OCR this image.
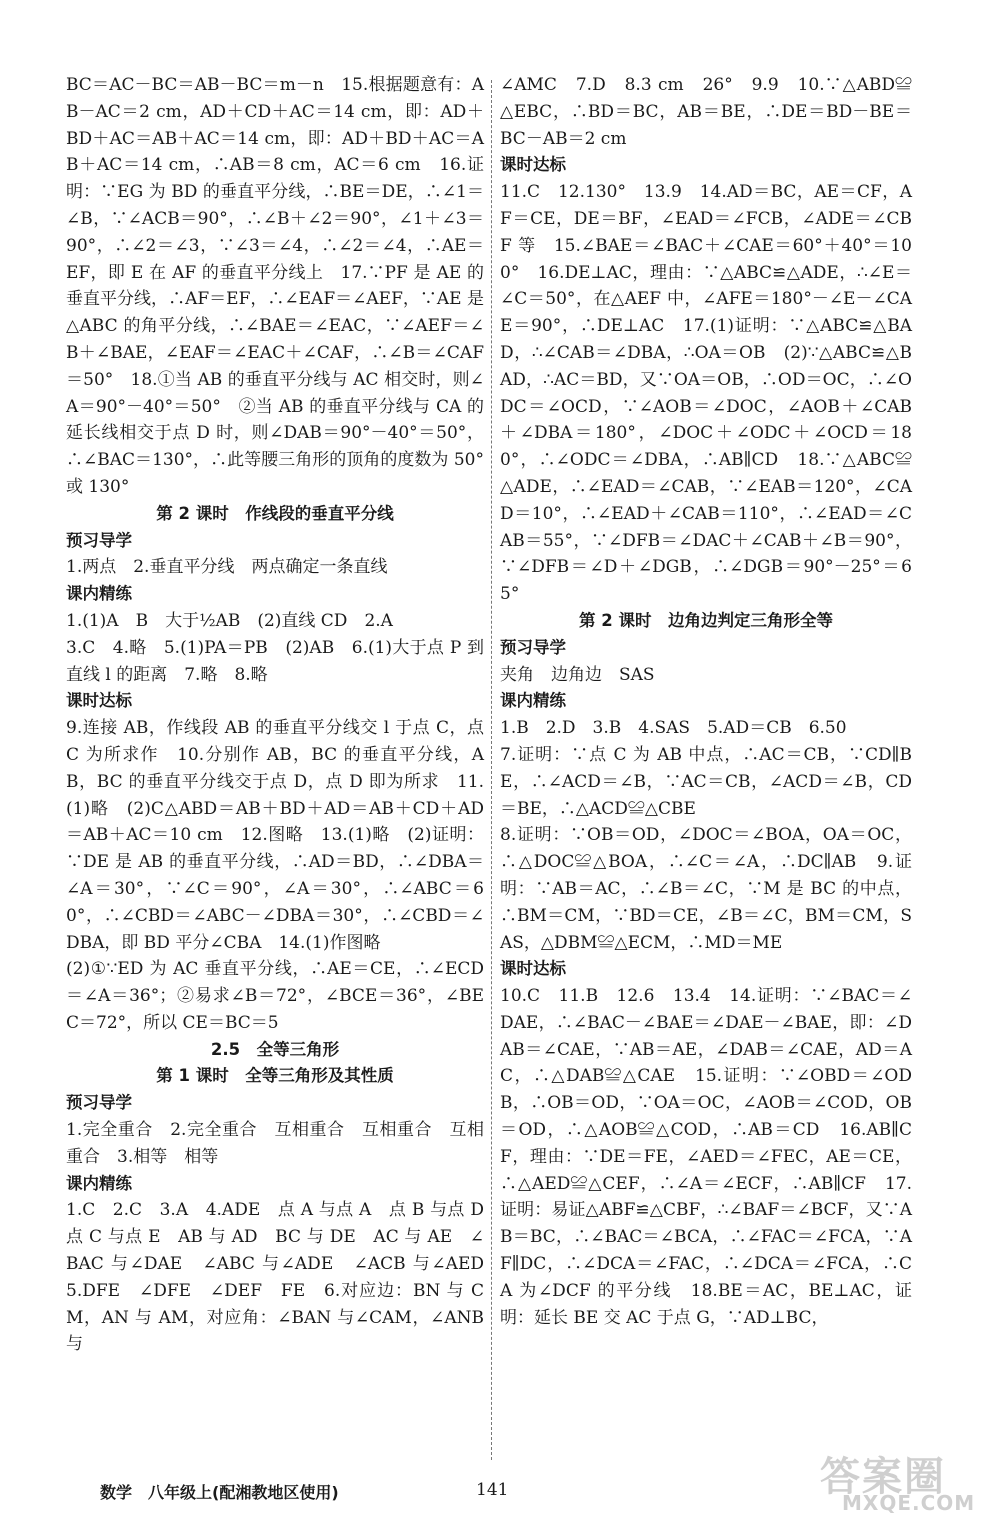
BC＝AC－BC＝AB－BC＝m－n　15.根据题意有：AB－AC＝2 cm，AD＋CD＋AC＝14 cm，即：AD＋BD＋AC＝AB＋AC＝14 cm，即：AD＋BD＋AC＝AB＋AC＝14 cm，∴AB＝8 cm，AC＝6 cm　16.证明：∵EG 为 BD 的垂直平分线，∴BE＝DE，∴∠1＝∠B，∵∠ACB＝90°，∴∠B＋∠2＝90°，∠1＋∠3＝90°，∴∠2＝∠3，∵∠3＝∠4，∴∠2＝∠4，∴AE＝EF，即 E 在 AF 的垂直平分线上　17.∵PF 是 AE 的垂直平分线，∴AF＝EF，∴∠EAF＝∠AEF，∵AE 是△ABC 的角平分线，∴∠BAE＝∠EAC，∵∠AEF＝∠B＋∠BAE，∠EAF＝∠EAC＋∠CAF，∴∠B＝∠CAF＝50°　18.①当 AB 的垂直平分线与 AC 相交时，则∠A＝90°－40°＝50°　②当 AB 的垂直平分线与 CA 的延长线相交于点 D 时，则∠DAB＝90°－40°＝50°，∴∠BAC＝130°，∴此等腰三角形的顶角的度数为 50°或 130°

第 2 课时　作线段的垂直平分线

预习导学

1.两点　2.垂直平分线　两点确定一条直线

课内精练

1.(1)A　B　大于½AB　(2)直线 CD　2.A

3.C　4.略　5.(1)PA＝PB　(2)AB　6.(1)大于点 P 到直线 l 的距离　7.略　8.略

课时达标

9.连接 AB，作线段 AB 的垂直平分线交 l 于点 C，点 C 为所求作　10.分别作 AB，BC 的垂直平分线，AB，BC 的垂直平分线交于点 D，点 D 即为所求　11.(1)略　(2)C△ABD＝AB＋BD＋AD＝AB＋CD＋AD＝AB＋AC＝10 cm　12.图略　13.(1)略　(2)证明：∵DE 是 AB 的垂直平分线，∴AD＝BD，∴∠DBA＝∠A＝30°，∵∠C＝90°，∠A＝30°，∴∠ABC＝60°，∴∠CBD＝∠ABC－∠DBA＝30°，∴∠CBD＝∠DBA，即 BD 平分∠CBA　14.(1)作图略

(2)①∵ED 为 AC 垂直平分线，∴AE＝CE，∴∠ECD＝∠A＝36°；②易求∠B＝72°，∠BCE＝36°，∠BEC＝72°，所以 CE＝BC＝5

2.5　全等三角形

第 1 课时　全等三角形及其性质

预习导学

1.完全重合　2.完全重合　互相重合　互相重合　互相重合　3.相等　相等

课内精练

1.C　2.C　3.A　4.ADE　点 A 与点 A　点 B 与点 D　点 C 与点 E　AB 与 AD　BC 与 DE　AC 与 AE　∠BAC 与∠DAE　∠ABC 与∠ADE　∠ACB 与∠AED　5.DFE　∠DFE　∠DEF　FE　6.对应边：BN 与 CM，AN 与 AM，对应角：∠BAN 与∠CAM，∠ANB 与

∠AMC　7.D　8.3 cm　26°　9.9　10.∵△ABD≌△EBC，∴BD＝BC，AB＝BE，∴DE＝BD－BE＝BC－AB＝2 cm

课时达标

11.C　12.130°　13.9　14.AD＝BC，AE＝CF，AF＝CE，DE＝BF，∠EAD＝∠FCB，∠ADE＝∠CBF 等　15.∠BAE＝∠BAC＋∠CAE＝60°＋40°＝100°　16.DE⊥AC，理由：∵△ABC≌△ADE，∴∠E＝∠C＝50°，在△AEF 中，∠AFE＝180°－∠E－∠CAE＝90°，∴DE⊥AC　17.(1)证明：∵△ABC≌△BAD，∴∠CAB＝∠DBA，∴OA＝OB　(2)∵△ABC≌△BAD，∴AC＝BD，又∵OA＝OB，∴OD＝OC，∴∠ODC＝∠OCD，∵∠AOB＝∠DOC，∠AOB＋∠CAB＋∠DBA＝180°，∠DOC＋∠ODC＋∠OCD＝180°，∴∠ODC＝∠DBA，∴AB∥CD　18.∵△ABC≌△ADE，∴∠EAD＝∠CAB，∵∠EAB＝120°，∠CAD＝10°，∴∠EAD＋∠CAB＝110°，∴∠EAD＝∠CAB＝55°，∵∠DFB＝∠DAC＋∠CAB＋∠B＝90°，∵∠DFB＝∠D＋∠DGB，∴∠DGB＝90°－25°＝65°

第 2 课时　边角边判定三角形全等

预习导学

夹角　边角边　SAS

课内精练

1.B　2.D　3.B　4.SAS　5.AD＝CB　6.50

7.证明：∵点 C 为 AB 中点，∴AC＝CB，∵CD∥BE，∴∠ACD＝∠B，∵AC＝CB，∠ACD＝∠B，CD＝BE，∴△ACD≌△CBE

8.证明：∵OB＝OD，∠DOC＝∠BOA，OA＝OC，∴△DOC≌△BOA，∴∠C＝∠A，∴DC∥AB　9.证明：∵AB＝AC，∴∠B＝∠C，∵M 是 BC 的中点，∴BM＝CM，∵BD＝CE，∠B＝∠C，BM＝CM，SAS，△DBM≌△ECM，∴MD＝ME

课时达标

10.C　11.B　12.6　13.4　14.证明：∵∠BAC＝∠DAE，∴∠BAC－∠BAE＝∠DAE－∠BAE，即：∠DAB＝∠CAE，∵AB＝AE，∠DAB＝∠CAE，AD＝AC，∴△DAB≌△CAE　15.证明：∵∠OBD＝∠ODB，∴OB＝OD，∵OA＝OC，∠AOB＝∠COD，OB＝OD，∴△AOB≌△COD，∴AB＝CD　16.AB∥CF，理由：∵DE＝FE，∠AED＝∠FEC，AE＝CE，∴△AED≌△CEF，∴∠A＝∠ECF，∴AB∥CF　17.证明：易证△ABF≌△CBF，∴∠BAF＝∠BCF，又∵AB＝BC，∴∠BAC＝∠BCA，∴∠FAC＝∠FCA，∵AF∥DC，∴∠DCA＝∠FAC，∴∠DCA＝∠FCA，∴CA 为∠DCF 的平分线　18.BE＝AC，BE⊥AC，证明：延长 BE 交 AC 于点 G，∵AD⊥BC，

数学　八年级上(配湘教地区使用)	141	答案圈
MXQE.COM
